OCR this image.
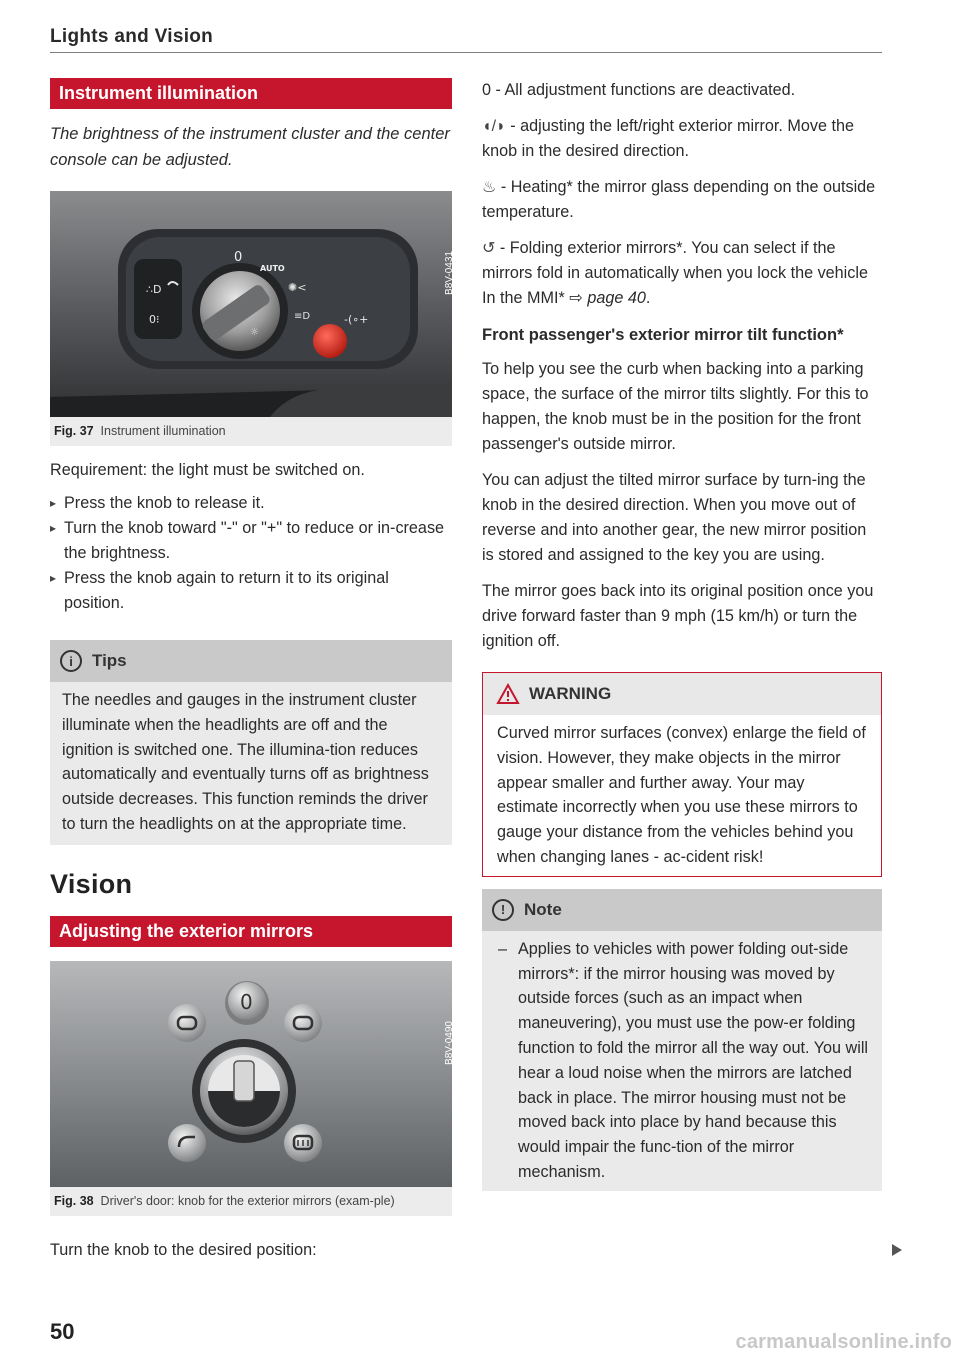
Lights and Vision
Instrument illumination

The brightness of the instrument cluster and the center console can be adjusted.

∴D
0⁝
0
AUTO
✺<
≡D
☼
-(∘+
B8V-0431
Fig. 37 Instrument illumination

Requirement: the light must be switched on.

▸ Press the knob to release it.
▸ Turn the knob toward "-" or "+" to reduce or in-crease the brightness.
▸ Press the knob again to return it to its original position.
i	Tips

The needles and gauges in the instrument cluster illuminate when the headlights are off and the ignition is switched one. The illumina-tion reduces automatically and eventually turns off as brightness outside decreases. This function reminds the driver to turn the headlights on at the appropriate time.

Vision
Adjusting the exterior mirrors
0
B8V-0490
Fig. 38 Driver's door: knob for the exterior mirrors (exam-ple)

Turn the knob to the desired position:

0 - All adjustment functions are deactivated.

◖/◗ - adjusting the left/right exterior mirror. Move the knob in the desired direction.

♨ - Heating* the mirror glass depending on the outside temperature.

↺ - Folding exterior mirrors*. You can select if the mirrors fold in automatically when you lock the vehicle In the MMI* ⇨ page 40.

Front passenger's exterior mirror tilt function*

To help you see the curb when backing into a parking space, the surface of the mirror tilts slightly. For this to happen, the knob must be in the position for the front passenger's outside mirror.

You can adjust the tilted mirror surface by turn-ing the knob in the desired direction. When you move out of reverse and into another gear, the new mirror position is stored and assigned to the key you are using.

The mirror goes back into its original position once you drive forward faster than 9 mph (15 km/h) or turn the ignition off.

WARNING

Curved mirror surfaces (convex) enlarge the field of vision. However, they make objects in the mirror appear smaller and further away. Your may estimate incorrectly when you use these mirrors to gauge your distance from the vehicles behind you when changing lanes - ac-cident risk!

!	Note
– Applies to vehicles with power folding out-side mirrors*: if the mirror housing was moved by outside forces (such as an impact when maneuvering), you must use the pow-er folding function to fold the mirror all the way out. You will hear a loud noise when the mirrors are latched back in place. The mirror housing must not be moved back into place by hand because this would impair the func-tion of the mirror mechanism.
50	carmanualsonline.info
